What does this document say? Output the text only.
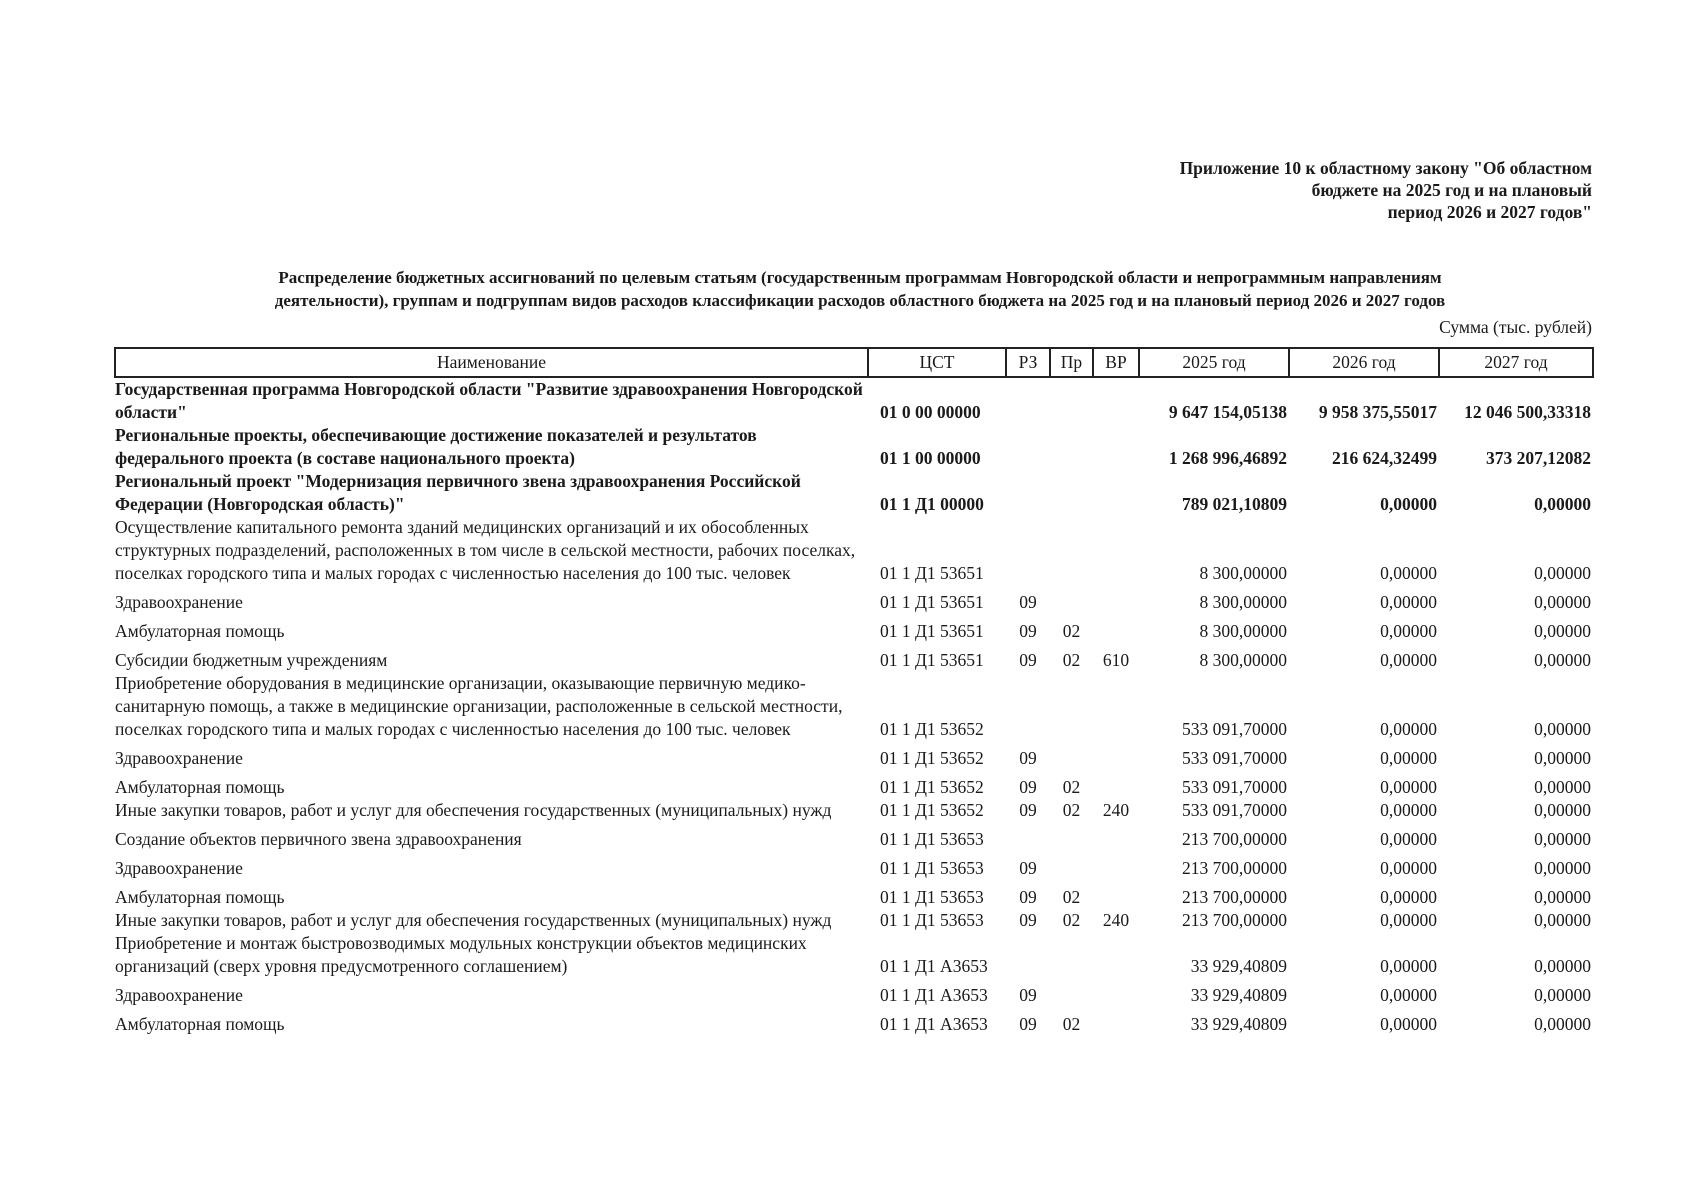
Приложение 10 к областному закону "Об областном
бюджете на 2025 год и на плановый
период 2026 и 2027 годов"
Распределение бюджетных ассигнований по целевым статьям (государственным программам Новгородской области и непрограммным направлениям
деятельности), группам и подгруппам видов расходов классификации расходов областного бюджета на 2025 год и на плановый период 2026 и 2027 годов
Сумма (тыс. рублей)
Наименование	ЦСТ	РЗ	Пр	ВР	2025 год	2026 год	2027 год
Государственная программа Новгородской области "Развитие здравоохранения Новгородской области"	01 0 00 00000				9 647 154,05138	9 958 375,55017	12 046 500,33318
Региональные проекты, обеспечивающие достижение показателей и результатов федерального проекта (в составе национального проекта)	01 1 00 00000				1 268 996,46892	216 624,32499	373 207,12082
Региональный проект "Модернизация первичного звена здравоохранения Российской Федерации (Новгородская область)"	01 1 Д1 00000				789 021,10809	0,00000	0,00000
Осуществление капитального ремонта зданий медицинских организаций и их обособленных структурных подразделений, расположенных в том числе в сельской местности, рабочих поселках, поселках городского типа и малых городах с численностью населения до 100 тыс. человек	01 1 Д1 53651				8 300,00000	0,00000	0,00000
Здравоохранение	01 1 Д1 53651	09			8 300,00000	0,00000	0,00000
Амбулаторная помощь	01 1 Д1 53651	09	02		8 300,00000	0,00000	0,00000
Субсидии бюджетным учреждениям	01 1 Д1 53651	09	02	610	8 300,00000	0,00000	0,00000
Приобретение оборудования в медицинские организации, оказывающие первичную медико-санитарную помощь, а также в медицинские организации, расположенные в сельской местности, поселках городского типа и малых городах с численностью населения до 100 тыс. человек	01 1 Д1 53652				533 091,70000	0,00000	0,00000
Здравоохранение	01 1 Д1 53652	09			533 091,70000	0,00000	0,00000
Амбулаторная помощь	01 1 Д1 53652	09	02		533 091,70000	0,00000	0,00000
Иные закупки товаров, работ и услуг для обеспечения государственных (муниципальных) нужд	01 1 Д1 53652	09	02	240	533 091,70000	0,00000	0,00000
Создание объектов первичного звена здравоохранения	01 1 Д1 53653				213 700,00000	0,00000	0,00000
Здравоохранение	01 1 Д1 53653	09			213 700,00000	0,00000	0,00000
Амбулаторная помощь	01 1 Д1 53653	09	02		213 700,00000	0,00000	0,00000
Иные закупки товаров, работ и услуг для обеспечения государственных (муниципальных) нужд	01 1 Д1 53653	09	02	240	213 700,00000	0,00000	0,00000
Приобретение и монтаж быстровозводимых модульных конструкции объектов медицинских организаций (сверх уровня предусмотренного соглашением)	01 1 Д1 А3653				33 929,40809	0,00000	0,00000
Здравоохранение	01 1 Д1 А3653	09			33 929,40809	0,00000	0,00000
Амбулаторная помощь	01 1 Д1 А3653	09	02		33 929,40809	0,00000	0,00000
